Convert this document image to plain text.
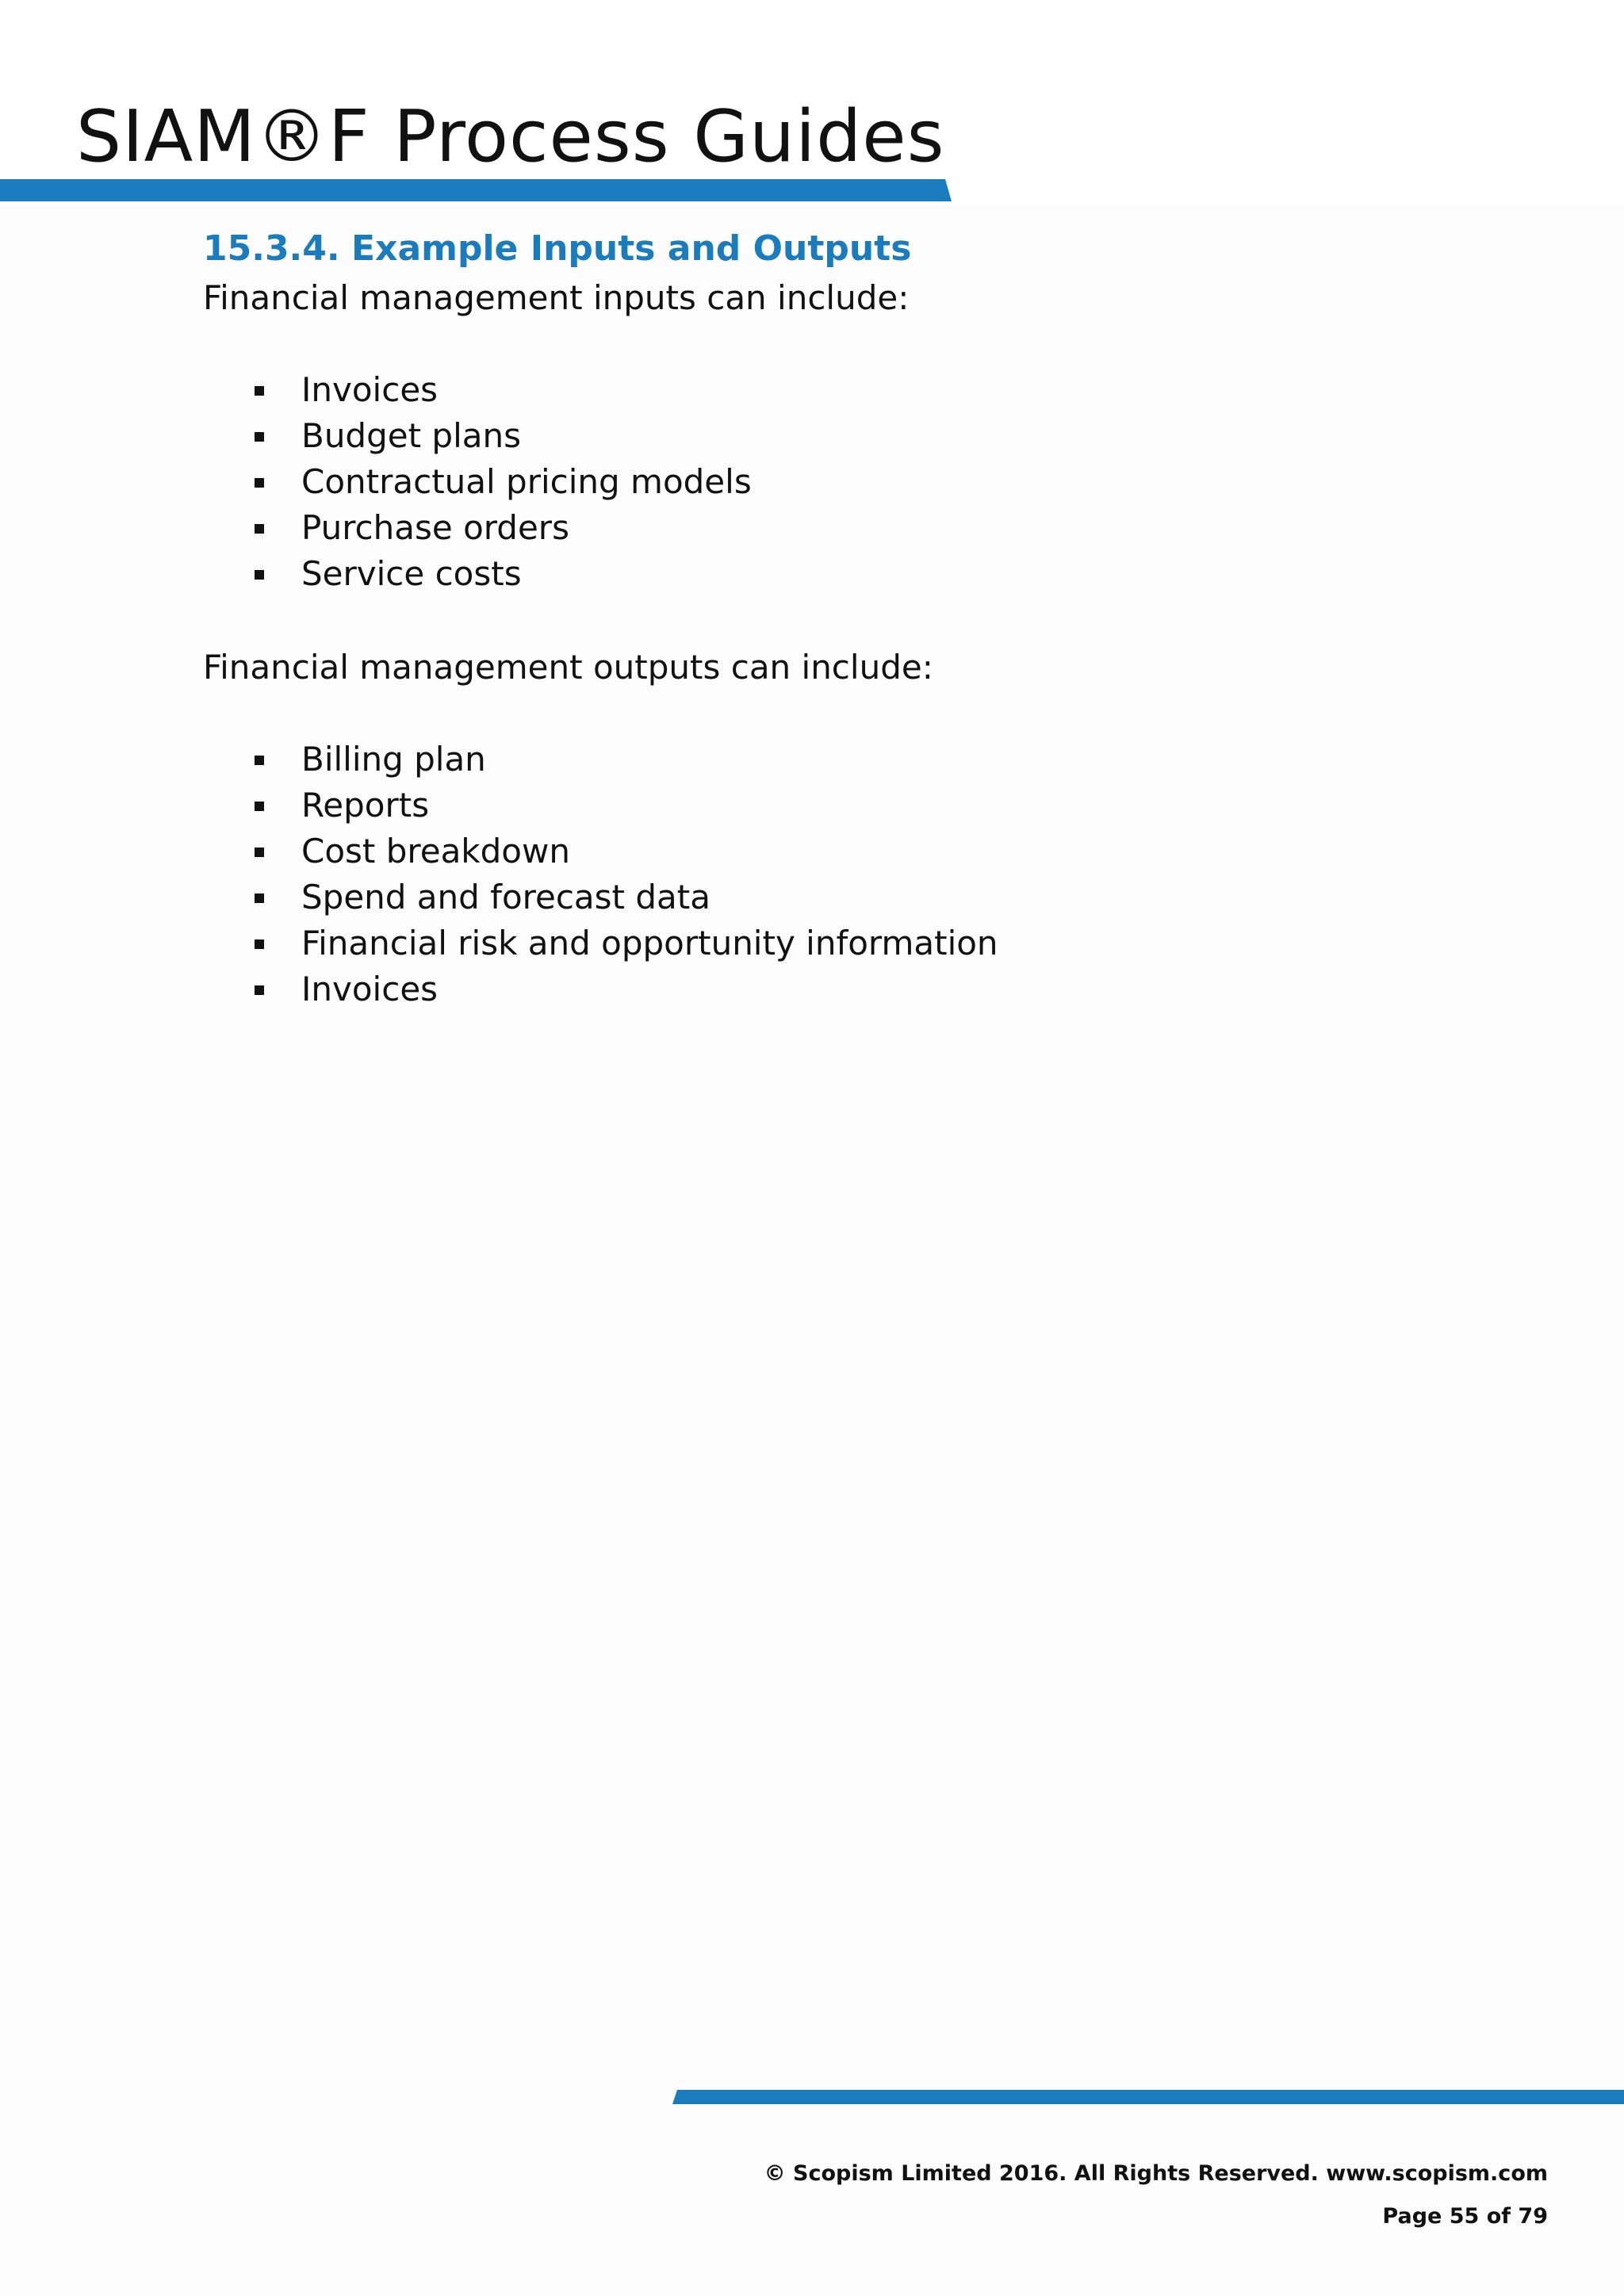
SIAM®F Process Guides
15.3.4. Example Inputs and Outputs

Financial management inputs can include:

Invoices
Budget plans
Contractual pricing models
Purchase orders
Service costs

Financial management outputs can include:

Billing plan
Reports
Cost breakdown
Spend and forecast data
Financial risk and opportunity information
Invoices

© Scopism Limited 2016. All Rights Reserved. www.scopism.com

Page 55 of 79
